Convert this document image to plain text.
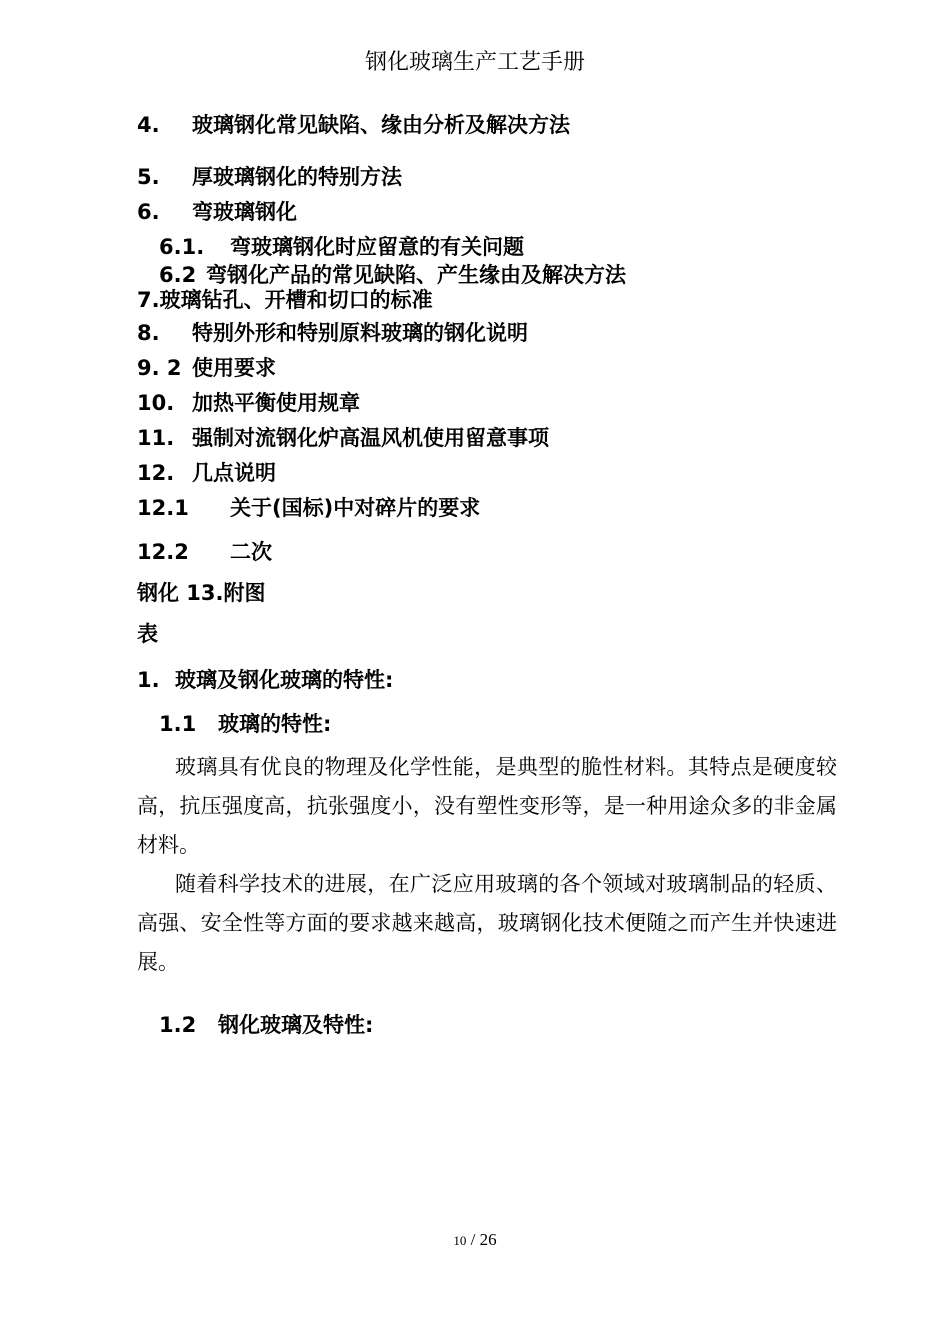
钢化玻璃生产工艺手册
4. 玻璃钢化常见缺陷、缘由分析及解决方法
5. 厚玻璃钢化的特别方法
6. 弯玻璃钢化
6.1. 弯玻璃钢化时应留意的有关问题
6.2 弯钢化产品的常见缺陷、产生缘由及解决方法
7.玻璃钻孔、开槽和切口的标准
8. 特别外形和特别原料玻璃的钢化说明
9. 2 使用要求
10. 加热平衡使用规章
11. 强制对流钢化炉高温风机使用留意事项
12. 几点说明
12.1 关于(国标)中对碎片的要求
12.2 二次
钢化 13.附图
表
1. 玻璃及钢化玻璃的特性:
1.1 玻璃的特性:
玻璃具有优良的物理及化学性能，是典型的脆性材料。其特点是硬度较高，抗压强度高，抗张强度小，没有塑性变形等，是一种用途众多的非金属材料。
随着科学技术的进展，在广泛应用玻璃的各个领域对玻璃制品的轻质、高强、安全性等方面的要求越来越高，玻璃钢化技术便随之而产生并快速进展。
1.2 钢化玻璃及特性:
10 / 26
